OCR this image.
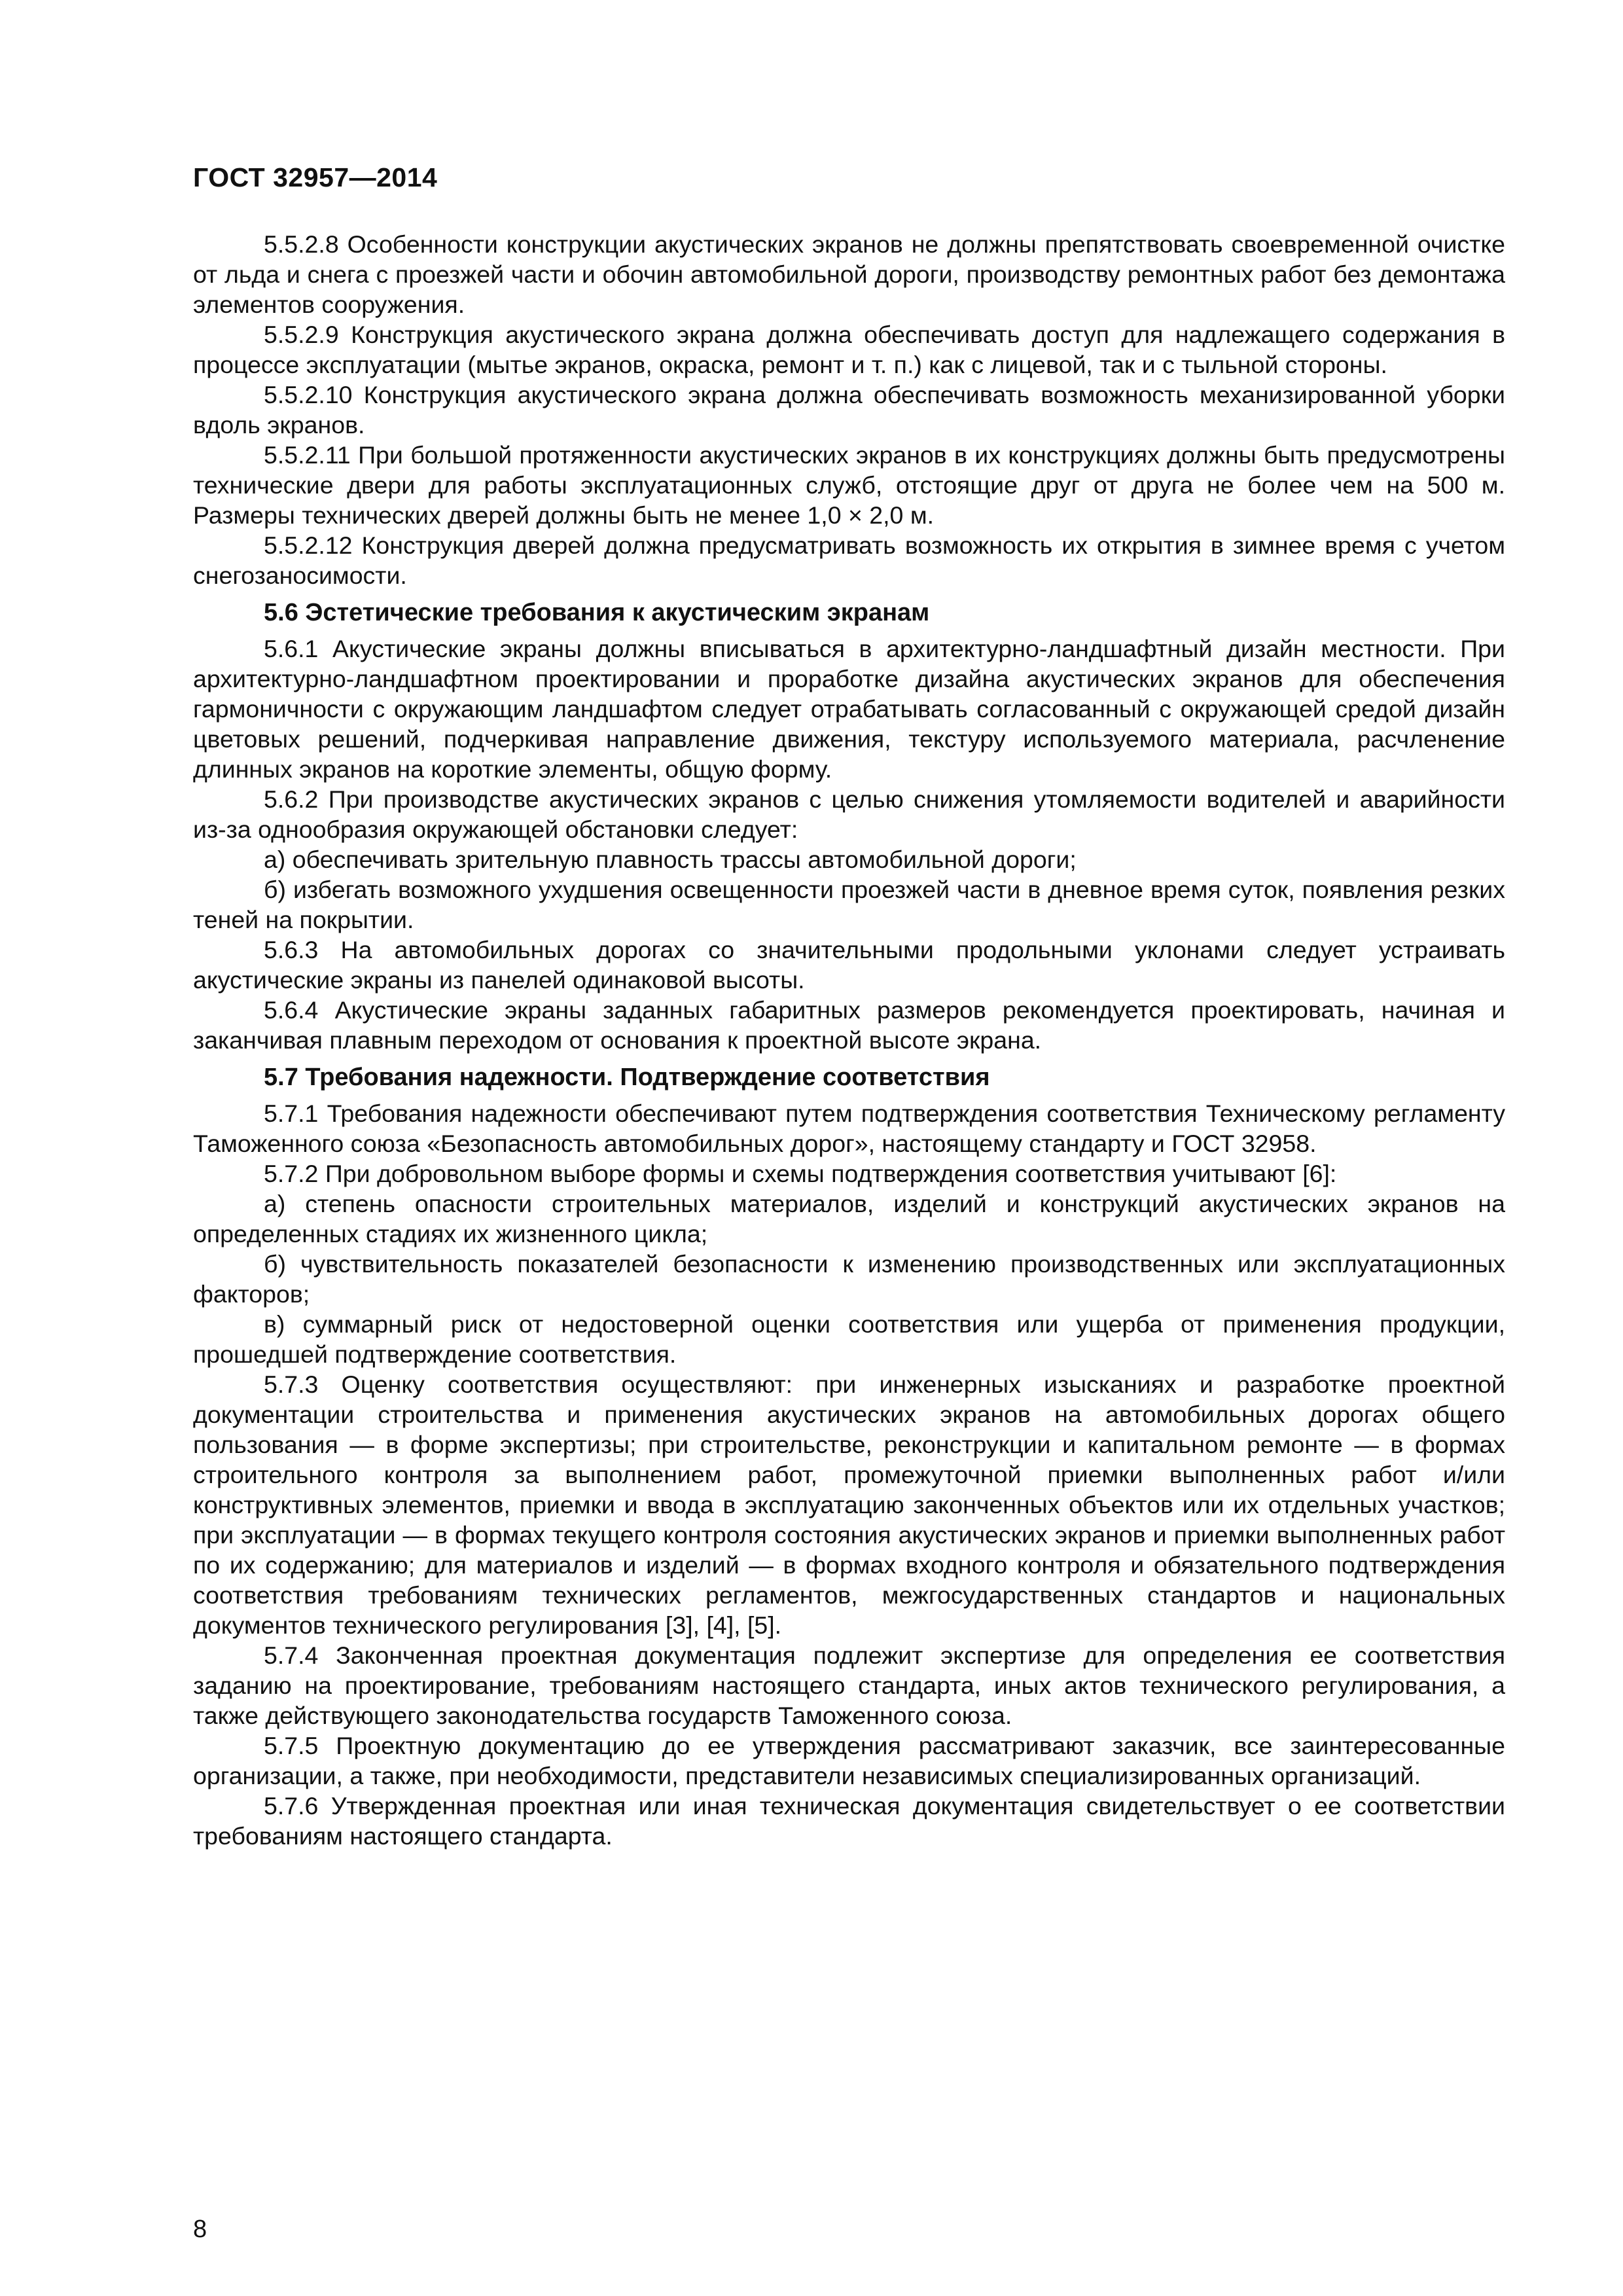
ГОСТ 32957—2014

5.5.2.8 Особенности конструкции акустических экранов не должны препятствовать своевременной очистке от льда и снега с проезжей части и обочин автомобильной дороги, производству ремонтных работ без демонтажа элементов сооружения.

5.5.2.9 Конструкция акустического экрана должна обеспечивать доступ для надлежащего содержания в процессе эксплуатации (мытье экранов, окраска, ремонт и т. п.) как с лицевой, так и с тыльной стороны.

5.5.2.10 Конструкция акустического экрана должна обеспечивать возможность механизированной уборки вдоль экранов.

5.5.2.11 При большой протяженности акустических экранов в их конструкциях должны быть предусмотрены технические двери для работы эксплуатационных служб, отстоящие друг от друга не более чем на 500 м. Размеры технических дверей должны быть не менее 1,0 × 2,0 м.

5.5.2.12 Конструкция дверей должна предусматривать возможность их открытия в зимнее время с учетом снегозаносимости.

5.6 Эстетические требования к акустическим экранам

5.6.1 Акустические экраны должны вписываться в архитектурно-ландшафтный дизайн местности. При архитектурно-ландшафтном проектировании и проработке дизайна акустических экранов для обеспечения гармоничности с окружающим ландшафтом следует отрабатывать согласованный с окружающей средой дизайн цветовых решений, подчеркивая направление движения, текстуру используемого материала, расчленение длинных экранов на короткие элементы, общую форму.

5.6.2 При производстве акустических экранов с целью снижения утомляемости водителей и аварийности из-за однообразия окружающей обстановки следует:

а) обеспечивать зрительную плавность трассы автомобильной дороги;

б) избегать возможного ухудшения освещенности проезжей части в дневное время суток, появления резких теней на покрытии.

5.6.3 На автомобильных дорогах со значительными продольными уклонами следует устраивать акустические экраны из панелей одинаковой высоты.

5.6.4 Акустические экраны заданных габаритных размеров рекомендуется проектировать, начиная и заканчивая плавным переходом от основания к проектной высоте экрана.

5.7 Требования надежности. Подтверждение соответствия

5.7.1 Требования надежности обеспечивают путем подтверждения соответствия Техническому регламенту Таможенного союза «Безопасность автомобильных дорог», настоящему стандарту и ГОСТ 32958.

5.7.2 При добровольном выборе формы и схемы подтверждения соответствия учитывают [6]:

а) степень опасности строительных материалов, изделий и конструкций акустических экранов на определенных стадиях их жизненного цикла;

б) чувствительность показателей безопасности к изменению производственных или эксплуатационных факторов;

в) суммарный риск от недостоверной оценки соответствия или ущерба от применения продукции, прошедшей подтверждение соответствия.

5.7.3 Оценку соответствия осуществляют: при инженерных изысканиях и разработке проектной документации строительства и применения акустических экранов на автомобильных дорогах общего пользования — в форме экспертизы; при строительстве, реконструкции и капитальном ремонте — в формах строительного контроля за выполнением работ, промежуточной приемки выполненных работ и/или конструктивных элементов, приемки и ввода в эксплуатацию законченных объектов или их отдельных участков; при эксплуатации — в формах текущего контроля состояния акустических экранов и приемки выполненных работ по их содержанию; для материалов и изделий — в формах входного контроля и обязательного подтверждения соответствия требованиям технических регламентов, межгосударственных стандартов и национальных документов технического регулирования [3], [4], [5].

5.7.4 Законченная проектная документация подлежит экспертизе для определения ее соответствия заданию на проектирование, требованиям настоящего стандарта, иных актов технического регулирования, а также действующего законодательства государств Таможенного союза.

5.7.5 Проектную документацию до ее утверждения рассматривают заказчик, все заинтересованные организации, а также, при необходимости, представители независимых специализированных организаций.

5.7.6 Утвержденная проектная или иная техническая документация свидетельствует о ее соответствии требованиям настоящего стандарта.

8
